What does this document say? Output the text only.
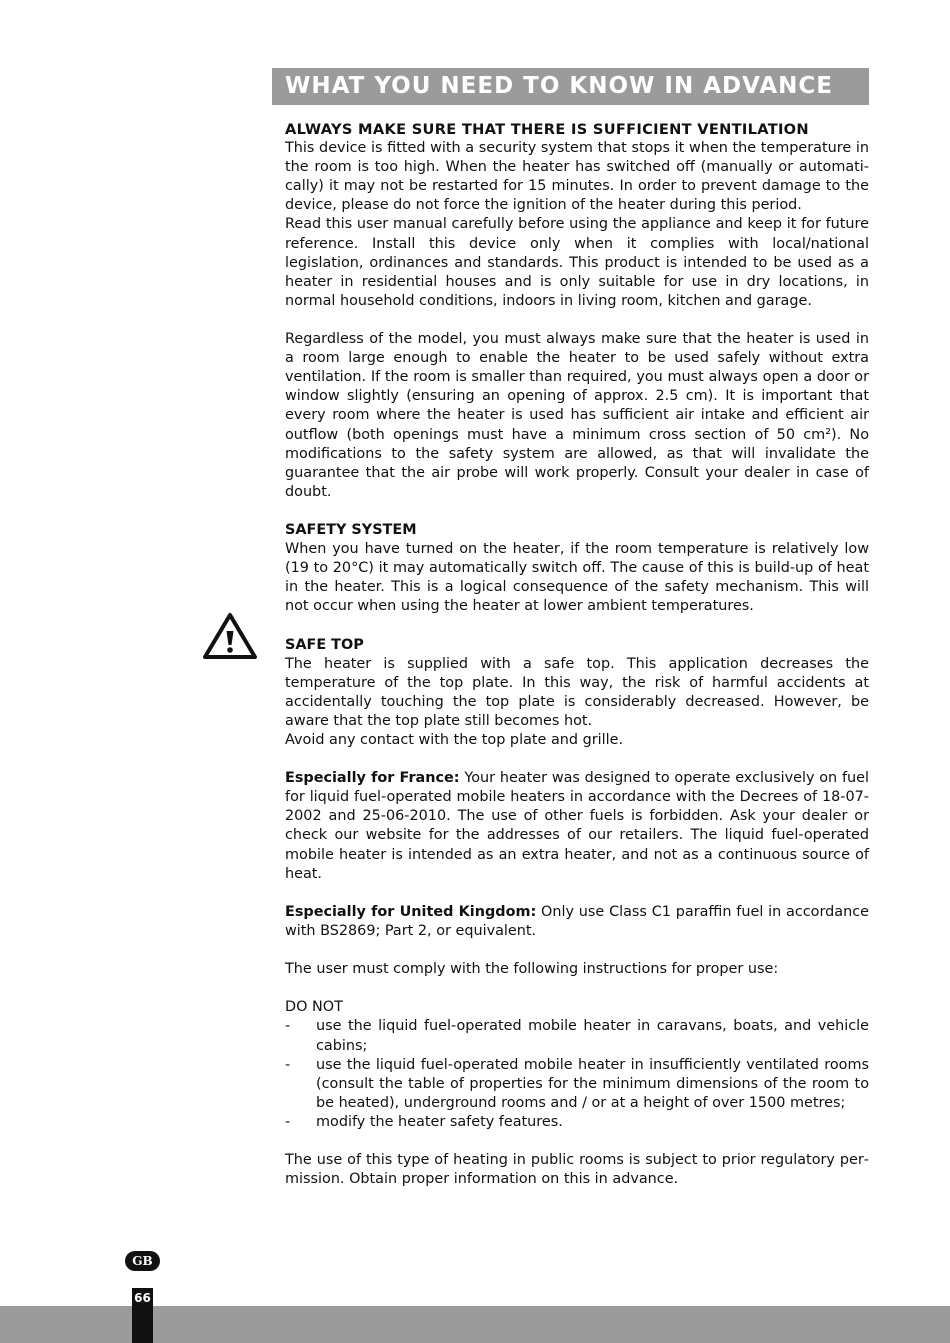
WHAT YOU NEED TO KNOW IN ADVANCE

ALWAYS MAKE SURE THAT THERE IS SUFFICIENT VENTILATION

This device is fitted with a security system that stops it when the temperature in the room is too high. When the heater has switched off (manually or automatically) it may not be restarted for 15 minutes. In order to prevent damage to the device, please do not force the ignition of the heater during this period.

Read this user manual carefully before using the appliance and keep it for future reference. Install this device only when it complies with local/national legislation, ordinances and standards. This product is intended to be used as a heater in residential houses and is only suitable for use in dry locations, in normal household conditions, indoors in living room, kitchen and garage.

Regardless of the model, you must always make sure that the heater is used in a room large enough to enable the heater to be used safely without extra ventilation. If the room is smaller than required, you must always open a door or window slightly (ensuring an opening of approx. 2.5 cm). It is important that every room where the heater is used has sufficient air intake and efficient air outflow (both openings must have a minimum cross section of 50 cm²). No modifications to the safety system are allowed, as that will invalidate the guarantee that the air probe will work properly. Consult your dealer in case of doubt.

SAFETY SYSTEM

When you have turned on the heater, if the room temperature is relatively low (19 to 20°C) it may automatically switch off. The cause of this is build-up of heat in the heater. This is a logical consequence of the safety mechanism. This will not occur when using the heater at lower ambient temperatures.

SAFE TOP

The heater is supplied with a safe top. This application decreases the temperature of the top plate. In this way, the risk of harmful accidents at accidentally touching the top plate is considerably decreased. However, be aware that the top plate still becomes hot.

Avoid any contact with the top plate and grille.

Especially for France: Your heater was designed to operate exclusively on fuel for liquid fuel-operated mobile heaters in accordance with the Decrees of 18-07-2002 and 25-06-2010. The use of other fuels is forbidden. Ask your dealer or check our website for the addresses of our retailers. The liquid fuel-operated mobile heater is intended as an extra heater, and not as a continuous source of heat.

Especially for United Kingdom: Only use Class C1 paraffin fuel in accordance with BS2869; Part 2, or equivalent.

The user must comply with the following instructions for proper use:

DO NOT

-	use the liquid fuel-operated mobile heater in caravans, boats, and vehicle cabins;
-	use the liquid fuel-operated mobile heater in insufficiently ventilated rooms (consult the table of properties for the minimum dimensions of the room to be heated), underground rooms and / or at a height of over 1500 metres;
-	modify the heater safety features.

The use of this type of heating in public rooms is subject to prior regulatory permission. Obtain proper information on this in advance.

GB
66
